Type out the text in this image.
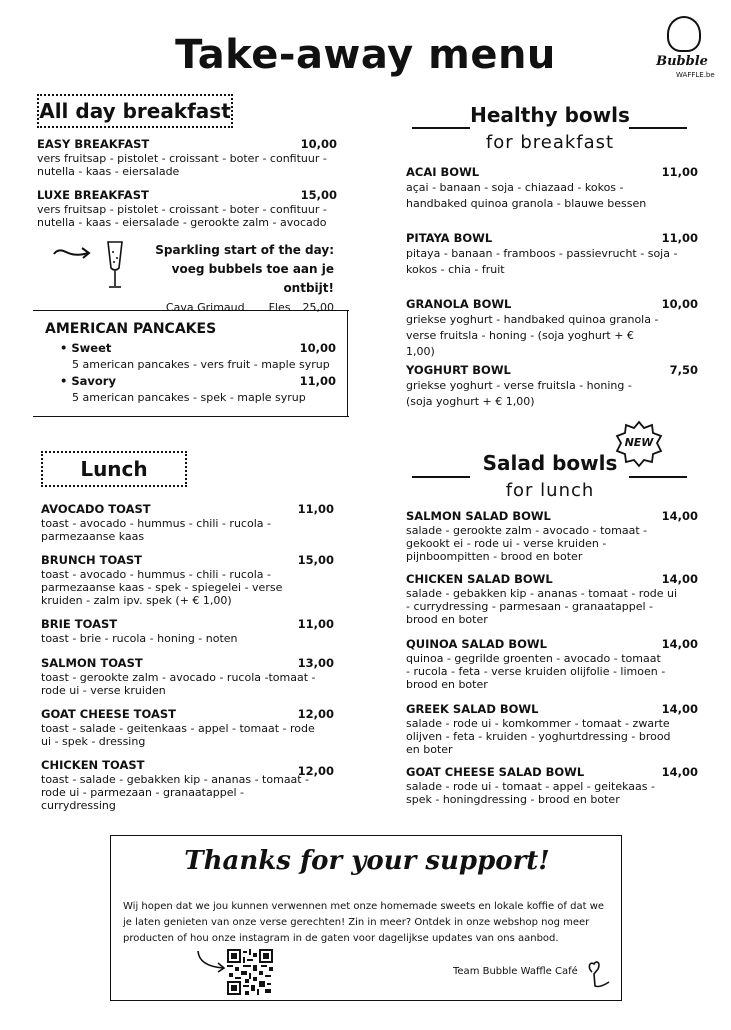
Take-away menu	Bubble
WAFFLE.be
All day breakfast
EASY BREAKFAST	10,00
vers fruitsap - pistolet - croissant - boter - confituur - nutella - kaas - eiersalade
LUXE BREAKFAST	15,00
vers fruitsap - pistolet - croissant - boter - confituur - nutella - kaas - eiersalade - gerookte zalm - avocado
Sparkling start of the day:
voeg bubbels toe aan je ontbijt!
Cava Grimaud Fles 25,00
AMERICAN PANCAKES
• Sweet	10,00
5 american pancakes - vers fruit - maple syrup
• Savory	11,00
5 american pancakes - spek - maple syrup
Lunch
AVOCADO TOAST	11,00
toast - avocado - hummus - chili - rucola - parmezaanse kaas
BRUNCH TOAST	15,00
toast - avocado - hummus - chili - rucola - parmezaanse kaas - spek - spiegelei - verse kruiden - zalm ipv. spek (+ € 1,00)
BRIE TOAST	11,00
toast - brie - rucola - honing - noten
SALMON TOAST	13,00
toast - gerookte zalm - avocado - rucola -tomaat - rode ui - verse kruiden
GOAT CHEESE TOAST	12,00
toast - salade - geitenkaas - appel - tomaat - rode ui - spek - dressing
CHICKEN TOAST	12,00
toast - salade - gebakken kip - ananas - tomaat - rode ui - parmezaan - granaatappel - currydressing
Healthy bowls
for breakfast
ACAI BOWL	11,00
açai - banaan - soja - chiazaad - kokos - handbaked quinoa granola - blauwe bessen
PITAYA BOWL	11,00
pitaya - banaan - framboos - passievrucht - soja - kokos - chia - fruit
GRANOLA BOWL	10,00
griekse yoghurt - handbaked quinoa granola - verse fruitsla - honing - (soja yoghurt + € 1,00)
YOGHURT BOWL	7,50
griekse yoghurt - verse fruitsla - honing - (soja yoghurt + € 1,00)
NEW
Salad bowls
for lunch
SALMON SALAD BOWL	14,00
salade - gerookte zalm - avocado - tomaat - gekookt ei - rode ui - verse kruiden - pijnboompitten - brood en boter
CHICKEN SALAD BOWL	14,00
salade - gebakken kip - ananas - tomaat - rode ui - currydressing - parmesaan - granaatappel - brood en boter
QUINOA SALAD BOWL	14,00
quinoa - gegrilde groenten - avocado - tomaat - rucola - feta - verse kruiden olijfolie - limoen - brood en boter
GREEK SALAD BOWL	14,00
salade - rode ui - komkommer - tomaat - zwarte olijven - feta - kruiden - yoghurtdressing - brood en boter
GOAT CHEESE SALAD BOWL	14,00
salade - rode ui - tomaat - appel - geitekaas - spek - honingdressing - brood en boter
Thanks for your support!
Wij hopen dat we jou kunnen verwennen met onze homemade sweets en lokale koffie of dat we je laten genieten van onze verse gerechten! Zin in meer? Ontdek in onze webshop nog meer producten of hou onze instagram in de gaten voor dagelijkse updates van ons aanbod.
Team Bubble Waffle Café
